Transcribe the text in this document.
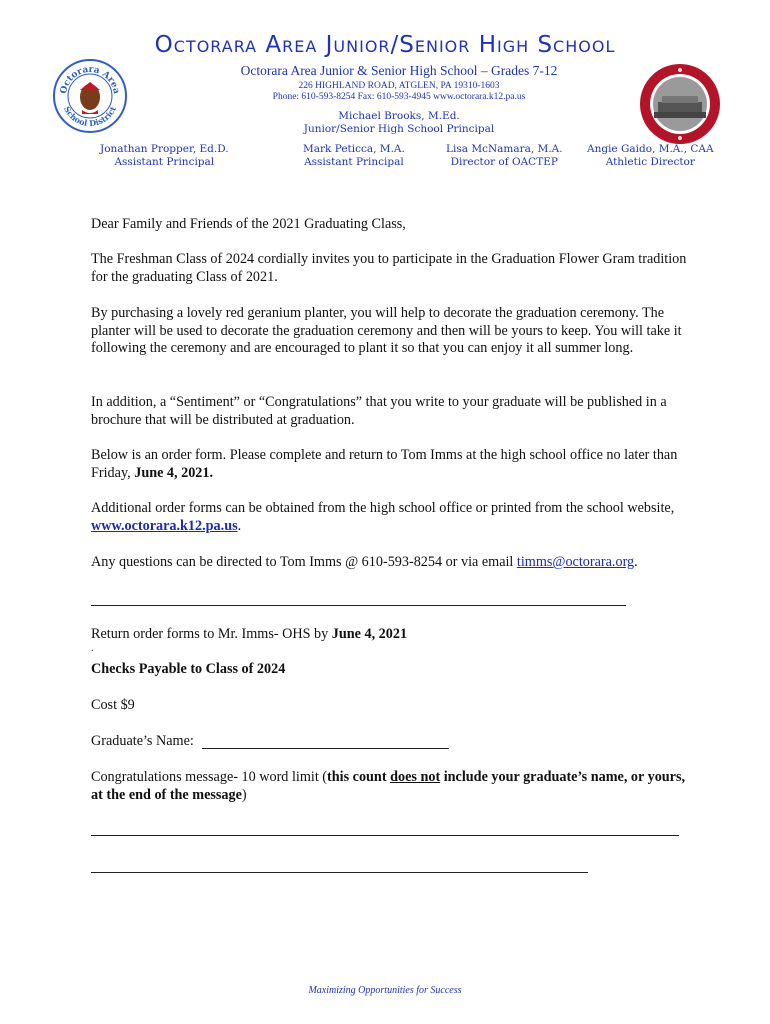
Octorara Area
School District
Octorara Area Junior/Senior High School
Octorara Area Junior & Senior High School – Grades 7-12
226 HIGHLAND ROAD, ATGLEN, PA 19310-1603
Phone: 610-593-8254 Fax: 610-593-4945 www.octorara.k12.pa.us
Michael Brooks, M.Ed.
Junior/Senior High School Principal
Jonathan Propper, Ed.D.
Assistant Principal
Mark Peticca, M.A.
Assistant Principal
Lisa McNamara, M.A.
Director of OACTEP
Angie Gaido, M.A., CAA
Athletic Director
Dear Family and Friends of the 2021 Graduating Class,
The Freshman Class of 2024 cordially invites you to participate in the Graduation Flower Gram tradition for the graduating Class of 2021.
By purchasing a lovely red geranium planter, you will help to decorate the graduation ceremony. The planter will be used to decorate the graduation ceremony and then will be yours to keep. You will take it following the ceremony and are encouraged to plant it so that you can enjoy it all summer long.
In addition, a “Sentiment” or “Congratulations” that you write to your graduate will be published in a brochure that will be distributed at graduation.
Below is an order form. Please complete and return to Tom Imms at the high school office no later than Friday, June 4, 2021.
Additional order forms can be obtained from the high school office or printed from the school website, www.octorara.k12.pa.us.
Any questions can be directed to Tom Imms @ 610-593-8254 or via email timms@octorara.org.
Return order forms to Mr. Imms- OHS by June 4, 2021
.
Checks Payable to Class of 2024
Cost $9
Graduate’s Name:
Congratulations message- 10 word limit (this count does not include your graduate’s name, or yours, at the end of the message)
Maximizing Opportunities for Success
